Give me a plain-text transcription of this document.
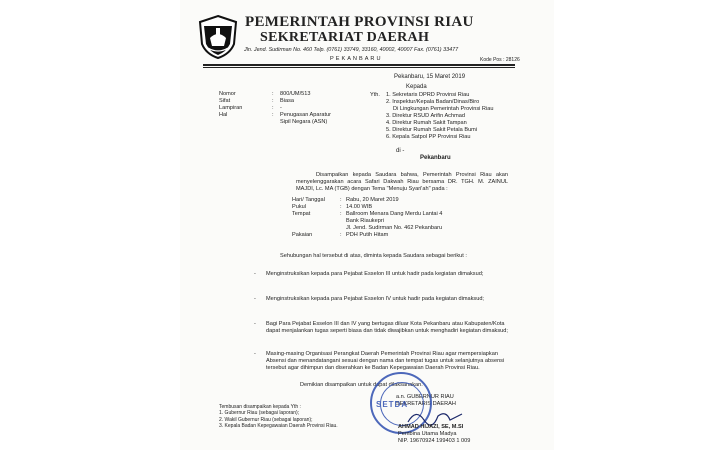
PEMERINTAH PROVINSI RIAU
SEKRETARIAT DAERAH
Jln. Jend. Sudirman No. 460 Telp. (0761) 33749, 33160, 40002, 40007 Fax. (0761) 33477
PEKANBARU	Kode Pos : 28126
Pekanbaru, 15 Maret 2019
Kepada
Nomor
Sifat
Lampiran
Hal
:
:
:
:
800/UM/513
Biasa
-
Penugasan Aparatur Sipil Negara (ASN)
Yth. 1. Sekretaris DPRD Provinsi Riau
2. Inspektur/Kepala Badan/Dinas/Biro
Di Lingkungan Pemerintah Provinsi Riau
3. Direktur RSUD Arifin Achmad
4. Direktur Rumah Sakit Tampan
5. Direktur Rumah Sakit Petala Bumi
6. Kepala Satpol PP Provinsi Riau
di -
Pekanbaru
Disampaikan kepada Saudara bahwa, Pemerintah Provinsi Riau akan menyelenggarakan acara Safari Dakwah Riau bersama DR. TGH. M. ZAINUL MAJDI, Lc. MA (TGB) dengan Tema "Menuju Syari'ah" pada :
Hari/ Tanggal
Pukul
Tempat

Pakaian
:
:
:

:
Rabu, 20 Maret 2019
14.00 WIB
Ballroom Menara Dang Merdu Lantai 4
Bank Riaukepri
Jl. Jend. Sudirman No. 462 Pekanbaru
PDH Putih Hitam
Sehubungan hal tersebut di atas, diminta kepada Saudara sebagai berikut :
-
-
-
-
Menginstruksikan kepada para Pejabat Esselon III untuk hadir pada kegiatan dimaksud;
Menginstruksikan kepada para Pejabat Esselon IV untuk hadir pada kegiatan dimaksud;
Bagi Para Pejabat Esselon III dan IV yang bertugas diluar Kota Pekanbaru atau Kabupaten/Kota dapat menjalankan tugas seperti biasa dan tidak diwajibkan untuk menghadiri kegiatan dimaksud;
Masing-masing Organisasi Perangkat Daerah Pemerintah Provinsi Riau agar mempersiapkan Absensi dan menandatangani sesuai dengan nama dan tempat tugas untuk selanjutnya absensi tersebut agar dihimpun dan diserahkan ke Badan Kepegawaian Daerah Provinsi Riau.
Demikian disampaikan untuk dapat dilaksanakan.
a.n. GUBERNUR RIAU
SEKRETARIS DAERAH
SETDA
AHMAD HIJAZI, SE, M.SI
Pembina Utama Madya
NIP. 19670924 199403 1 009
Tembusan disampaikan kepada Yth :
1. Gubernur Riau (sebagai laporan);
2. Wakil Gubernur Riau (sebagai laporan);
3. Kepala Badan Kepegawaian Daerah Provinsi Riau.
